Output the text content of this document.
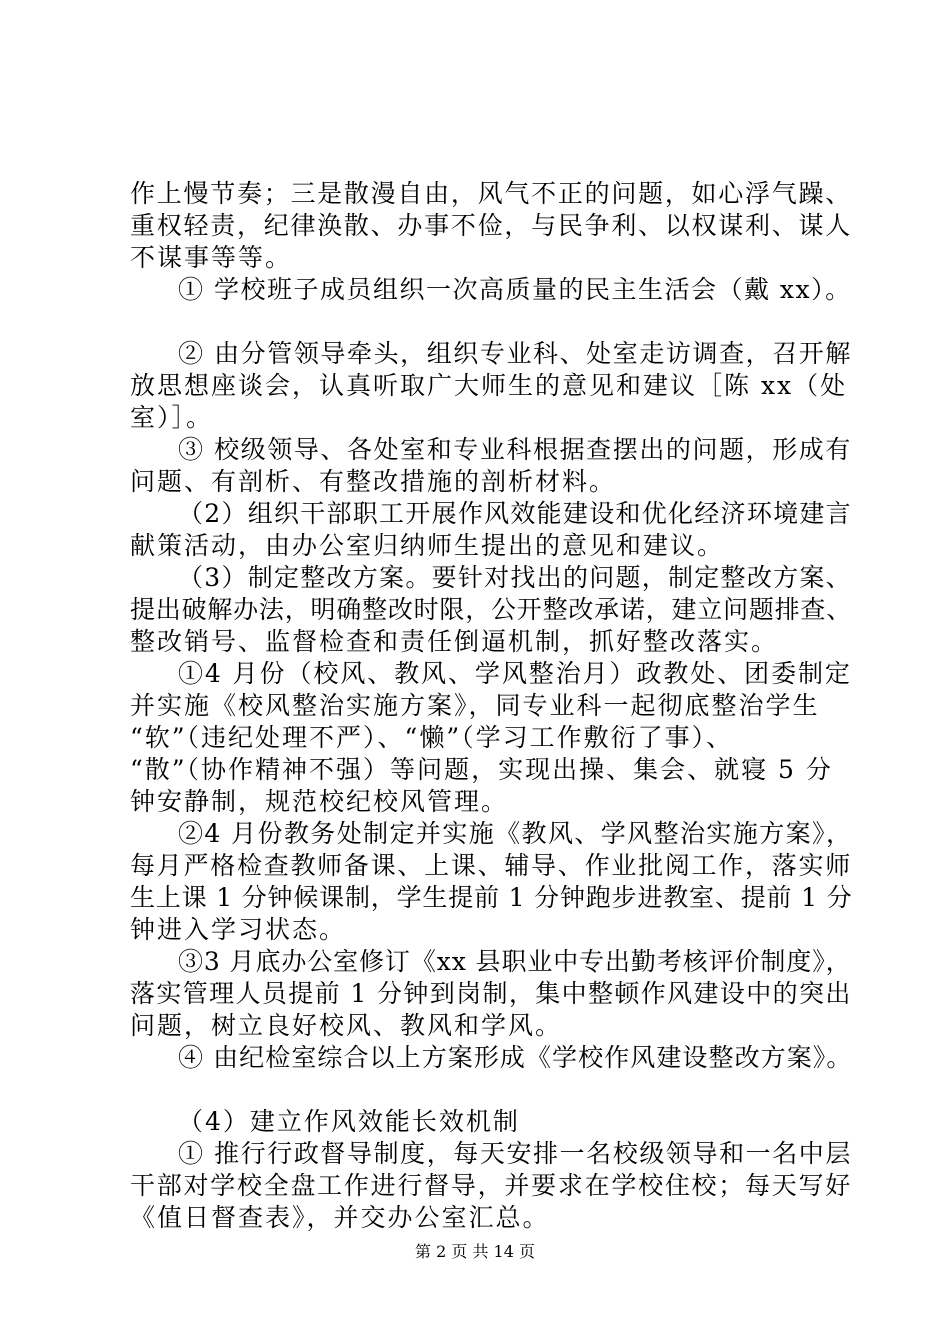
作上慢节奏；三是散漫自由，风气不正的问题，如心浮气躁、
重权轻责，纪律涣散、办事不俭，与民争利、以权谋利、谋人
不谋事等等。
① 学校班子成员组织一次高质量的民主生活会（戴 xx）。
② 由分管领导牵头，组织专业科、处室走访调查，召开解
放思想座谈会，认真听取广大师生的意见和建议［陈 xx（处
室）］。
③ 校级领导、各处室和专业科根据查摆出的问题，形成有
问题、有剖析、有整改措施的剖析材料。
（2）组织干部职工开展作风效能建设和优化经济环境建言
献策活动，由办公室归纳师生提出的意见和建议。
（3）制定整改方案。要针对找出的问题，制定整改方案、
提出破解办法，明确整改时限，公开整改承诺，建立问题排查、
整改销号、监督检查和责任倒逼机制，抓好整改落实。
①4 月份（校风、教风、学风整治月）政教处、团委制定
并实施《校风整治实施方案》，同专业科一起彻底整治学生
“软”（违纪处理不严）、“懒”（学习工作敷衍了事）、
“散”（协作精神不强）等问题，实现出操、集会、就寝 5 分
钟安静制，规范校纪校风管理。
②4 月份教务处制定并实施《教风、学风整治实施方案》，
每月严格检查教师备课、上课、辅导、作业批阅工作，落实师
生上课 1 分钟候课制，学生提前 1 分钟跑步进教室、提前 1 分
钟进入学习状态。
③3 月底办公室修订《xx 县职业中专出勤考核评价制度》，
落实管理人员提前 1 分钟到岗制，集中整顿作风建设中的突出
问题，树立良好校风、教风和学风。
④ 由纪检室综合以上方案形成《学校作风建设整改方案》。
（4）建立作风效能长效机制
① 推行行政督导制度，每天安排一名校级领导和一名中层
干部对学校全盘工作进行督导，并要求在学校住校；每天写好
《值日督查表》，并交办公室汇总。
第 2 页 共 14 页
